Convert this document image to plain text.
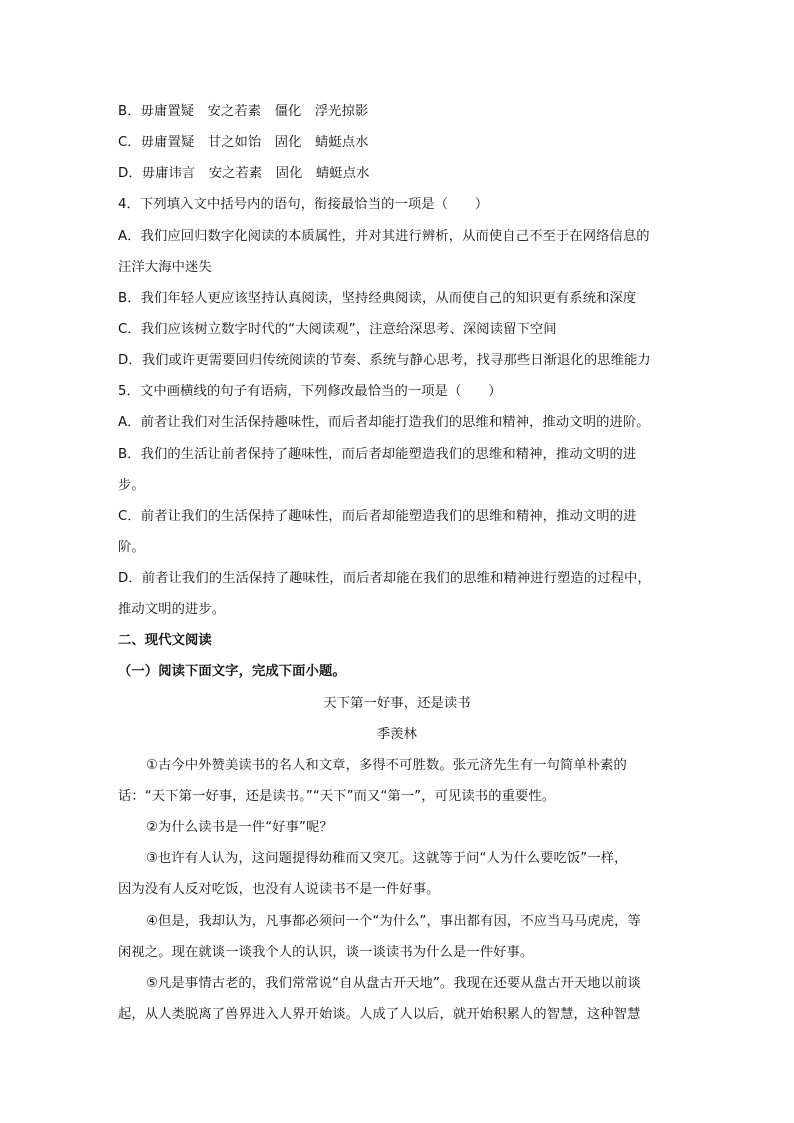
B．毋庸置疑　安之若素　僵化　浮光掠影
C．毋庸置疑　甘之如饴　固化　蜻蜓点水
D．毋庸讳言　安之若素　固化　蜻蜓点水
4．下列填入文中括号内的语句，衔接最恰当的一项是（　　）
A．我们应回归数字化阅读的本质属性，并对其进行辨析，从而使自己不至于在网络信息的
汪洋大海中迷失
B．我们年轻人更应该坚持认真阅读，坚持经典阅读，从而使自己的知识更有系统和深度
C．我们应该树立数字时代的“大阅读观”，注意给深思考、深阅读留下空间
D．我们或许更需要回归传统阅读的节奏、系统与静心思考，找寻那些日渐退化的思维能力
5．文中画横线的句子有语病，下列修改最恰当的一项是（　　）
A．前者让我们对生活保持趣味性，而后者却能打造我们的思维和精神，推动文明的进阶。
B．我们的生活让前者保持了趣味性，而后者却能塑造我们的思维和精神，推动文明的进
步。
C．前者让我们的生活保持了趣味性，而后者却能塑造我们的思维和精神，推动文明的进
阶。
D．前者让我们的生活保持了趣味性，而后者却能在我们的思维和精神进行塑造的过程中，
推动文明的进步。
二、现代文阅读
（一）阅读下面文字，完成下面小题。
天下第一好事，还是读书
季羡林
①古今中外赞美读书的名人和文章，多得不可胜数。张元济先生有一句简单朴素的
话：“天下第一好事，还是读书。”“天下”而又“第一”，可见读书的重要性。
②为什么读书是一件“好事”呢？
③也许有人认为，这问题提得幼稚而又突兀。这就等于问“人为什么要吃饭”一样，
因为没有人反对吃饭，也没有人说读书不是一件好事。
④但是，我却认为，凡事都必须问一个“为什么”，事出都有因，不应当马马虎虎，等
闲视之。现在就谈一谈我个人的认识，谈一谈读书为什么是一件好事。
⑤凡是事情古老的，我们常常说“自从盘古开天地”。我现在还要从盘古开天地以前谈
起，从人类脱离了兽界进入人界开始谈。人成了人以后，就开始积累人的智慧，这种智慧
